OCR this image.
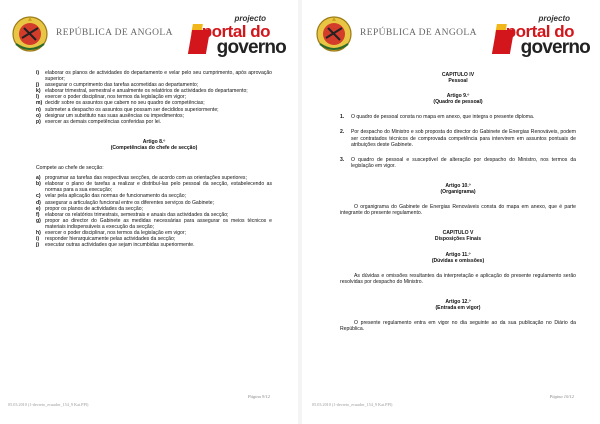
REPÚBLICA DE ANGOLA
projecto
portal do
governo
i)	elaborar os planos de actividades do departamento e velar pelo seu cumprimento, após aprovação superior;
j)	assegurar o cumprimento das tarefas acometidas ao departamento;
k) elaborar trimestral, semestral e anualmente os relatórios de actividades do departamento;
l)	exercer o poder disciplinar, nos termos da legislação em vigor;
m) decidir sobre os assuntos que cabem no seu quadro de competências;
n) submeter a despacho os assuntos que possam ser decididos superiormente;
o) designar um substituto nas suas ausências ou impedimentos;
p) exercer as demais competências conferidas por lei.
Artigo 8.º
(Competências do chefe de secção)
Compete ao chefe de secção:
a) programar as tarefas das respectivas secções, de acordo com as orientações superiores;
b) elaborar o plano de tarefas a realizar e distribuí-las pelo pessoal da secção, estabelecendo as normas para a sua execução;
c) velar pela aplicação das normas de funcionamento da secção;
d) assegurar a articulação funcional entre os diferentes serviços do Gabinete;
e) propor os planos de actividades da secção;
f)	elaborar os relatórios trimestrais, semestrais e anuais das actividades da secção;
g) propor ao director do Gabinete as medidas necessárias para assegurar os meios técnicos e materiais indispensáveis a execução da secção;
h) exercer o poder disciplinar, nos termos da legislação em vigor;
i)	responder hierarquicamente pelas actividades da secção;
j)	executar outras actividades que sejam incumbidas superiormente.
Página 9/12
05.03.2010 (1-decreto_ecuador_154_9 Kai.PPl)
REPÚBLICA DE ANGOLA
projecto
portal do
governo
CAPITULO IV
Pessoal
Artigo 9.º
(Quadro de pessoal)
1.	O quadro de pessoal consta no mapa em anexo, que integra o presente diploma.
2.	Por despacho do Ministro e sob proposta do director do Gabinete de Energias Renováveis, podem ser contratados técnicos de comprovada competência para intervirem em assuntos pontuais de atribuições deste Gabinete.
3.	O quadro de pessoal e susceptível de alteração por despacho do Ministro, nos termos da legislação em vigor.
Artigo 10.º
(Organigrama)
O organigrama do Gabinete de Energias Renováveis consta do mapa em anexo, que é parte integrante do presente regulamento.
CAPITULO V
Disposições Finais
Artigo 11.º
(Dúvidas e omissões)
As dúvidas e omissões resultantes da interpretação e aplicação do presente regulamento serão resolvidas por despacho do Ministro.
Artigo 12.º
(Entrada em vigor)
O presente regulamento entra em vigor no dia seguinte ao da sua publicação no Diário da República.
Página 10/12
05.03.2010 (1-decreto_ecuador_154_9 Kai.PPl)
